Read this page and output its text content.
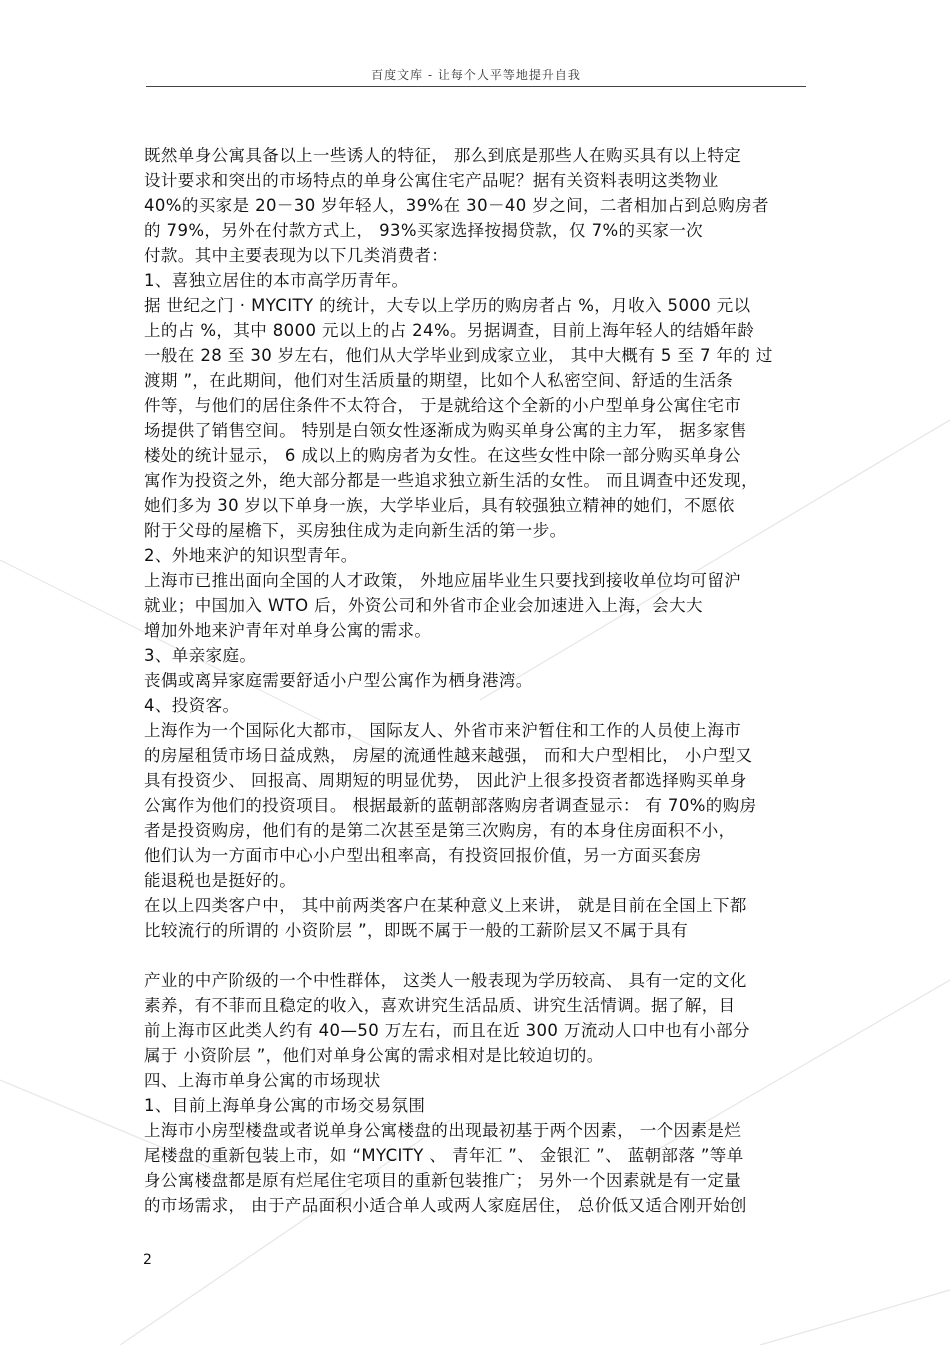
百度文库 - 让每个人平等地提升自我
既然单身公寓具备以上一些诱人的特征， 那么到底是那些人在购买具有以上特定
设计要求和突出的市场特点的单身公寓住宅产品呢？据有关资料表明这类物业
40%的买家是 20－30 岁年轻人，39%在 30－40 岁之间，二者相加占到总购房者
的 79%，另外在付款方式上， 93%买家选择按揭贷款，仅 7%的买家一次
付款。其中主要表现为以下几类消费者：
1、喜独立居住的本市高学历青年。
据 世纪之门 · MYCITY 的统计，大专以上学历的购房者占 %，月收入 5000 元以
上的占 %，其中 8000 元以上的占 24%。另据调查，目前上海年轻人的结婚年龄
一般在 28 至 30 岁左右，他们从大学毕业到成家立业， 其中大概有 5 至 7 年的 过
渡期 ”，在此期间，他们对生活质量的期望，比如个人私密空间、舒适的生活条
件等，与他们的居住条件不太符合， 于是就给这个全新的小户型单身公寓住宅市
场提供了销售空间。 特别是白领女性逐渐成为购买单身公寓的主力军， 据多家售
楼处的统计显示， 6 成以上的购房者为女性。在这些女性中除一部分购买单身公
寓作为投资之外，绝大部分都是一些追求独立新生活的女性。 而且调查中还发现，
她们多为 30 岁以下单身一族，大学毕业后，具有较强独立精神的她们，不愿依
附于父母的屋檐下，买房独住成为走向新生活的第一步。
2、外地来沪的知识型青年。
上海市已推出面向全国的人才政策， 外地应届毕业生只要找到接收单位均可留沪
就业；中国加入 WTO 后，外资公司和外省市企业会加速进入上海，会大大
增加外地来沪青年对单身公寓的需求。
3、单亲家庭。
丧偶或离异家庭需要舒适小户型公寓作为栖身港湾。
4、投资客。
上海作为一个国际化大都市， 国际友人、外省市来沪暂住和工作的人员使上海市
的房屋租赁市场日益成熟， 房屋的流通性越来越强， 而和大户型相比， 小户型又
具有投资少、 回报高、周期短的明显优势， 因此沪上很多投资者都选择购买单身
公寓作为他们的投资项目。 根据最新的蓝朝部落购房者调查显示： 有 70%的购房
者是投资购房，他们有的是第二次甚至是第三次购房，有的本身住房面积不小，
他们认为一方面市中心小户型出租率高，有投资回报价值，另一方面买套房
能退税也是挺好的。
在以上四类客户中， 其中前两类客户在某种意义上来讲， 就是目前在全国上下都
比较流行的所谓的 小资阶层 ”，即既不属于一般的工薪阶层又不属于具有
产业的中产阶级的一个中性群体， 这类人一般表现为学历较高、 具有一定的文化
素养，有不菲而且稳定的收入，喜欢讲究生活品质、讲究生活情调。据了解，目
前上海市区此类人约有 40—50 万左右，而且在近 300 万流动人口中也有小部分
属于 小资阶层 ”，他们对单身公寓的需求相对是比较迫切的。
四、上海市单身公寓的市场现状
1、目前上海单身公寓的市场交易氛围
上海市小房型楼盘或者说单身公寓楼盘的出现最初基于两个因素， 一个因素是烂
尾楼盘的重新包装上市，如 “MYCITY 、 青年汇 ”、 金银汇 ”、 蓝朝部落 ”等单
身公寓楼盘都是原有烂尾住宅项目的重新包装推广； 另外一个因素就是有一定量
的市场需求， 由于产品面积小适合单人或两人家庭居住， 总价低又适合刚开始创
2
